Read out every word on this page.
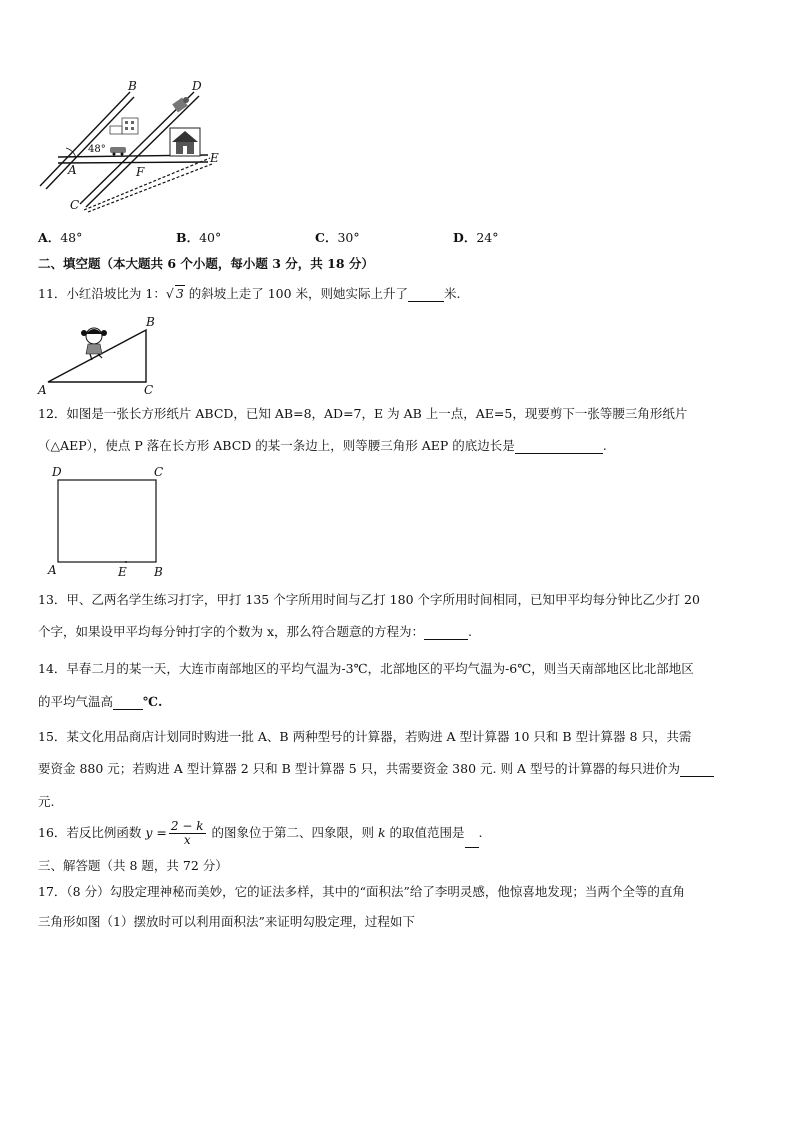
48°
B	D
A	F
E
C
A．48°	B．40°	C．30°	D．24°
二、填空题（本大题共 6 个小题，每小题 3 分，共 18 分）
11．小红沿坡比为 1：√ 3 的斜坡上走了 100 米，则她实际上升了	米.
A
B
C
12．如图是一张长方形纸片 ABCD，已知 AB=8，AD=7，E 为 AB 上一点，AE=5，现要剪下一张等腰三角形纸片
（△AEP），使点 P 落在长方形 ABCD 的某一条边上，则等腰三角形 AEP 的底边长是	.
D	C
A	E B
13．甲、乙两名学生练习打字，甲打 135 个字所用时间与乙打 180 个字所用时间相同，已知甲平均每分钟比乙少打 20
个字，如果设甲平均每分钟打字的个数为 x，那么符合题意的方程为：	.
14．早春二月的某一天，大连市南部地区的平均气温为-3℃，北部地区的平均气温为-6℃，则当天南部地区比北部地区
的平均气温高 ℃.
15．某文化用品商店计划同时购进一批 A、B 两种型号的计算器，若购进 A 型计算器 10 只和 B 型计算器 8 只，共需
要资金 880 元；若购进 A 型计算器 2 只和 B 型计算器 5 只，共需要资金 380 元. 则 A 型号的计算器的每只进价为
元.
16．若反比例函数 $y = \frac{2 - k}{x}$ 的图象位于第二、四象限，则 k 的取值范围是 .
三、解答题（共 8 题，共 72 分）
17．（8 分）勾股定理神秘而美妙，它的证法多样，其中的“面积法”给了李明灵感，他惊喜地发现；当两个全等的直角
三角形如图（1）摆放时可以利用面积法”来证明勾股定理，过程如下
